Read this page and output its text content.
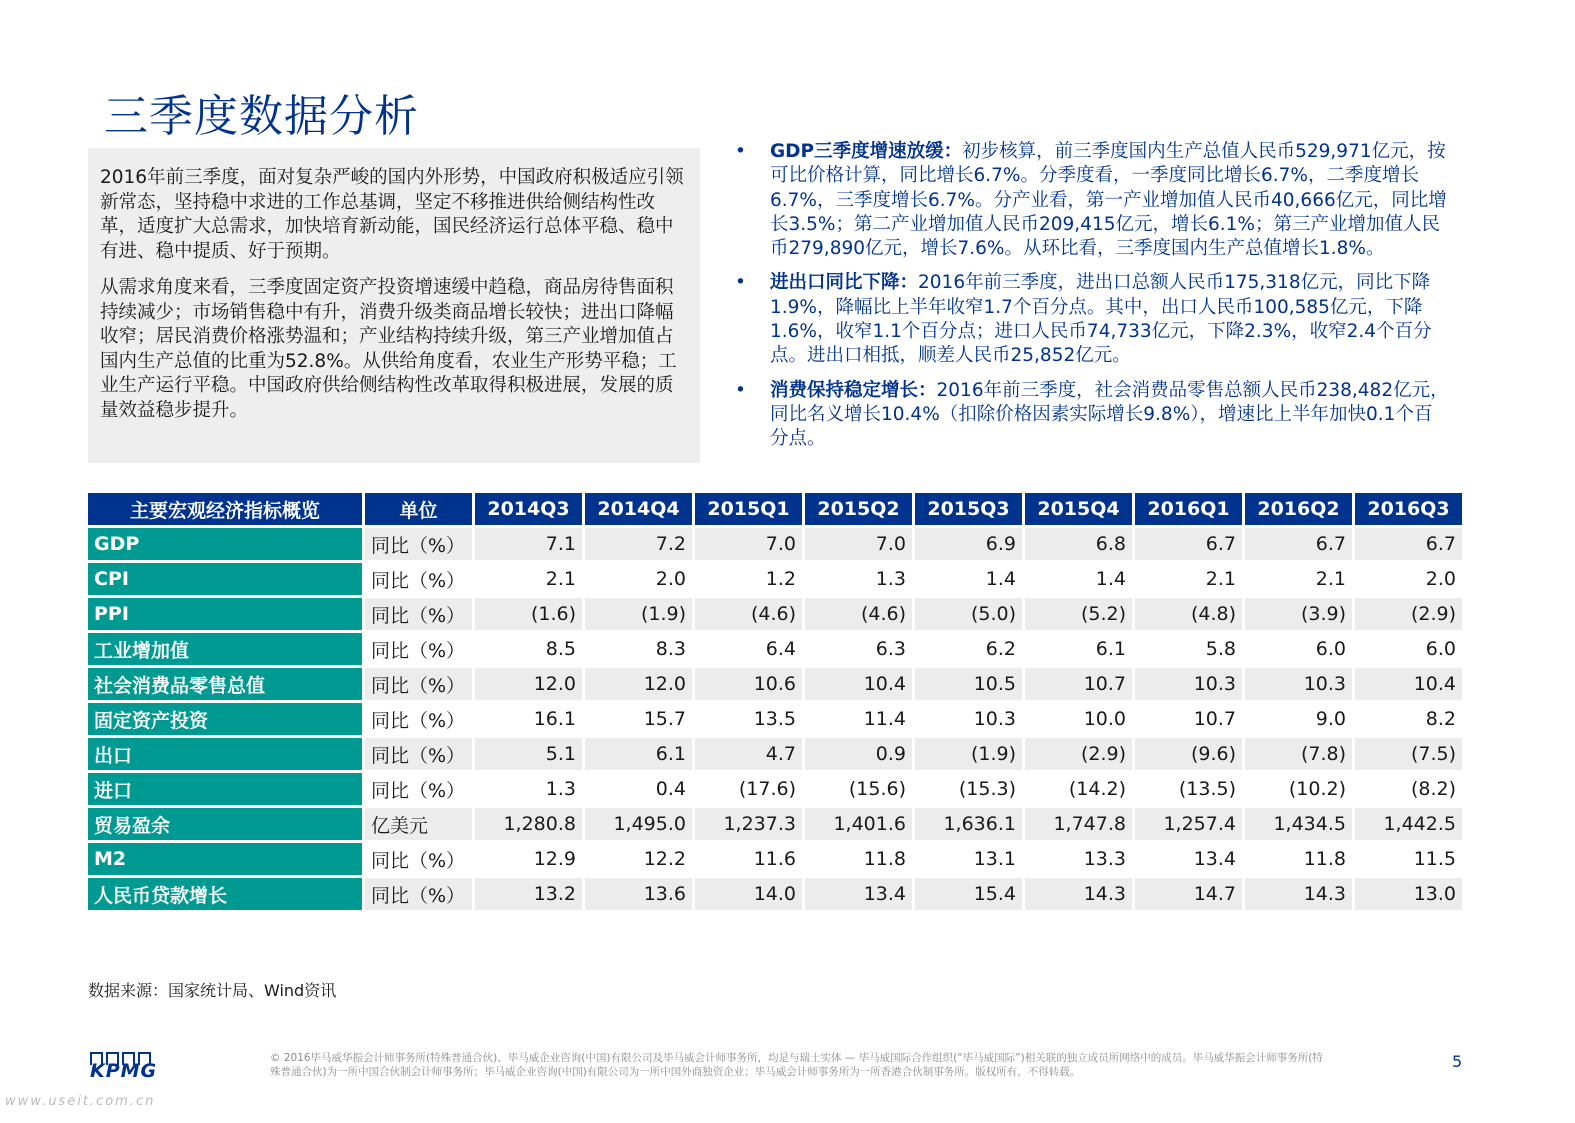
三季度数据分析

2016年前三季度，面对复杂严峻的国内外形势，中国政府积极适应引领新常态，坚持稳中求进的工作总基调，坚定不移推进供给侧结构性改革，适度扩大总需求，加快培育新动能，国民经济运行总体平稳、稳中有进、稳中提质、好于预期。

从需求角度来看，三季度固定资产投资增速缓中趋稳，商品房待售面积持续减少；市场销售稳中有升，消费升级类商品增长较快；进出口降幅收窄；居民消费价格涨势温和；产业结构持续升级，第三产业增加值占国内生产总值的比重为52.8%。从供给角度看，农业生产形势平稳；工业生产运行平稳。中国政府供给侧结构性改革取得积极进展，发展的质量效益稳步提升。

• GDP三季度增速放缓：初步核算，前三季度国内生产总值人民币529,971亿元，按可比价格计算，同比增长6.7%。分季度看，一季度同比增长6.7%，二季度增长6.7%，三季度增长6.7%。分产业看，第一产业增加值人民币40,666亿元，同比增长3.5%；第二产业增加值人民币209,415亿元，增长6.1%；第三产业增加值人民币279,890亿元，增长7.6%。从环比看，三季度国内生产总值增长1.8%。
• 进出口同比下降：2016年前三季度，进出口总额人民币175,318亿元，同比下降1.9%，降幅比上半年收窄1.7个百分点。其中，出口人民币100,585亿元，下降1.6%，收窄1.1个百分点；进口人民币74,733亿元，下降2.3%，收窄2.4个百分点。进出口相抵，顺差人民币25,852亿元。
• 消费保持稳定增长：2016年前三季度，社会消费品零售总额人民币238,482亿元，同比名义增长10.4%（扣除价格因素实际增长9.8%），增速比上半年加快0.1个百分点。
主要宏观经济指标概览	单位	2014Q3	2014Q4	2015Q1	2015Q2	2015Q3	2015Q4	2016Q1	2016Q2	2016Q3
GDP	同比（%）	7.1	7.2	7.0	7.0	6.9	6.8	6.7	6.7	6.7
CPI	同比（%）	2.1	2.0	1.2	1.3	1.4	1.4	2.1	2.1	2.0
PPI	同比（%）	(1.6)	(1.9)	(4.6)	(4.6)	(5.0)	(5.2)	(4.8)	(3.9)	(2.9)
工业增加值	同比（%）	8.5	8.3	6.4	6.3	6.2	6.1	5.8	6.0	6.0
社会消费品零售总值	同比（%）	12.0	12.0	10.6	10.4	10.5	10.7	10.3	10.3	10.4
固定资产投资	同比（%）	16.1	15.7	13.5	11.4	10.3	10.0	10.7	9.0	8.2
出口	同比（%）	5.1	6.1	4.7	0.9	(1.9)	(2.9)	(9.6)	(7.8)	(7.5)
进口	同比（%）	1.3	0.4	(17.6)	(15.6)	(15.3)	(14.2)	(13.5)	(10.2)	(8.2)
贸易盈余	亿美元	1,280.8	1,495.0	1,237.3	1,401.6	1,636.1	1,747.8	1,257.4	1,434.5	1,442.5
M2	同比（%）	12.9	12.2	11.6	11.8	13.1	13.3	13.4	11.8	11.5
人民币贷款增长	同比（%）	13.2	13.6	14.0	13.4	15.4	14.3	14.7	14.3	13.0
数据来源：国家统计局、Wind资讯
KPMG
© 2016毕马威华振会计师事务所(特殊普通合伙)、毕马威企业咨询(中国)有限公司及毕马威会计师事务所，均是与瑞士实体 — 毕马威国际合作组织(“毕马威国际”)相关联的独立成员所网络中的成员。毕马威华振会计师事务所(特殊普通合伙)为一所中国合伙制会计师事务所；毕马威企业咨询(中国)有限公司为一所中国外商独资企业；毕马威会计师事务所为一所香港合伙制事务所。版权所有，不得转载。
5
www.useit.com.cn
